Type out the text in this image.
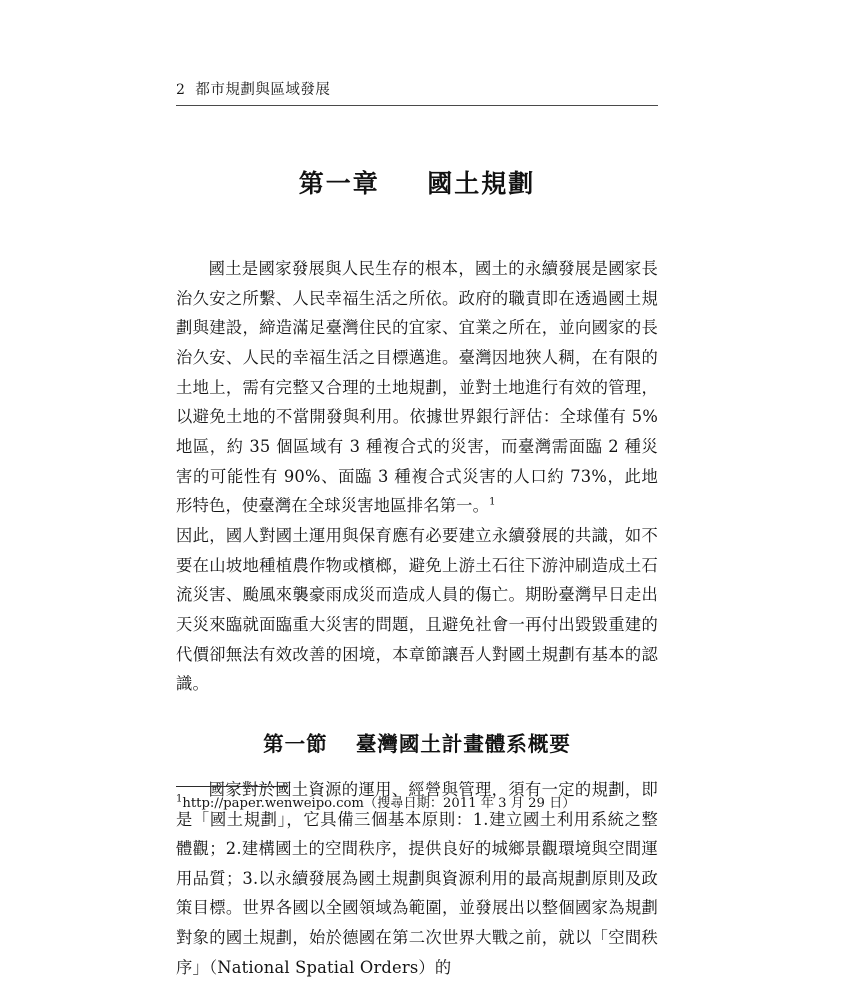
2 都市規劃與區域發展
第一章 國土規劃

國土是國家發展與人民生存的根本，國土的永續發展是國家長治久安之所繫、人民幸福生活之所依。政府的職責即在透過國土規劃與建設，締造滿足臺灣住民的宜家、宜業之所在，並向國家的長治久安、人民的幸福生活之目標邁進。臺灣因地狹人稠，在有限的土地上，需有完整又合理的土地規劃，並對土地進行有效的管理，以避免土地的不當開發與利用。依據世界銀行評估：全球僅有 5%地區，約 35 個區域有 3 種複合式的災害，而臺灣需面臨 2 種災害的可能性有 90%、面臨 3 種複合式災害的人口約 73%，此地形特色，使臺灣在全球災害地區排名第一。$^1$

因此，國人對國土運用與保育應有必要建立永續發展的共識，如不要在山坡地種植農作物或檳榔，避免上游土石往下游沖刷造成土石流災害、颱風來襲豪雨成災而造成人員的傷亡。期盼臺灣早日走出天災來臨就面臨重大災害的問題，且避免社會一再付出毀毀重建的代價卻無法有效改善的困境，本章節讓吾人對國土規劃有基本的認識。

第一節 臺灣國土計畫體系概要

國家對於國土資源的運用、經營與管理，須有一定的規劃，即是「國土規劃」，它具備三個基本原則：1.建立國土利用系統之整體觀；2.建構國土的空間秩序，提供良好的城鄉景觀環境與空間運用品質；3.以永續發展為國土規劃與資源利用的最高規劃原則及政策目標。世界各國以全國領域為範圍，並發展出以整個國家為規劃對象的國土規劃，始於德國在第二次世界大戰之前，就以「空間秩序」（National Spatial Orders）的

$^1$http://paper.wenweipo.com（搜尋日期：2011 年 3 月 29 日）
